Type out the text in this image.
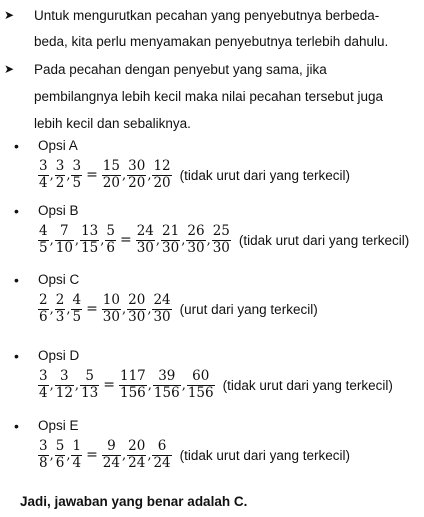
➤ Untuk mengurutkan pecahan yang penyebutnya berbeda-
beda, kita perlu menyamakan penyebutnya terlebih dahulu.
➤ Pada pecahan dengan penyebut yang sama, jika
pembilangnya lebih kecil maka nilai pecahan tersebut juga
lebih kecil dan sebaliknya.
• Opsi A
$\frac{3}{4}$ , $\frac{3}{2}$ , $\frac{3}{5} = \frac{15}{20}$ , $\frac{30}{20}$ , $\frac{12}{20}$ (tidak urut dari yang terkecil)
• Opsi B
$\frac{4}{5}$ , $\frac{7}{10}$ , $\frac{13}{15}$ , $\frac{5}{6} = \frac{24}{30}$ , $\frac{21}{30}$ , $\frac{26}{30}$ , $\frac{25}{30}$ (tidak urut dari yang terkecil)
• Opsi C
$\frac{2}{6}$ , $\frac{2}{3}$ , $\frac{4}{5} = \frac{10}{30}$ , $\frac{20}{30}$ , $\frac{24}{30}$ (urut dari yang terkecil)
• Opsi D
$\frac{3}{4}$ , $\frac{3}{12}$ , $\frac{5}{13} = \frac{117}{156}$ , $\frac{39}{156}$ , $\frac{60}{156}$ (tidak urut dari yang terkecil)
• Opsi E
$\frac{3}{8}$ , $\frac{5}{6}$ , $\frac{1}{4} = \frac{9}{24}$ , $\frac{20}{24}$ , $\frac{6}{24}$ (tidak urut dari yang terkecil)
Jadi, jawaban yang benar adalah C.
